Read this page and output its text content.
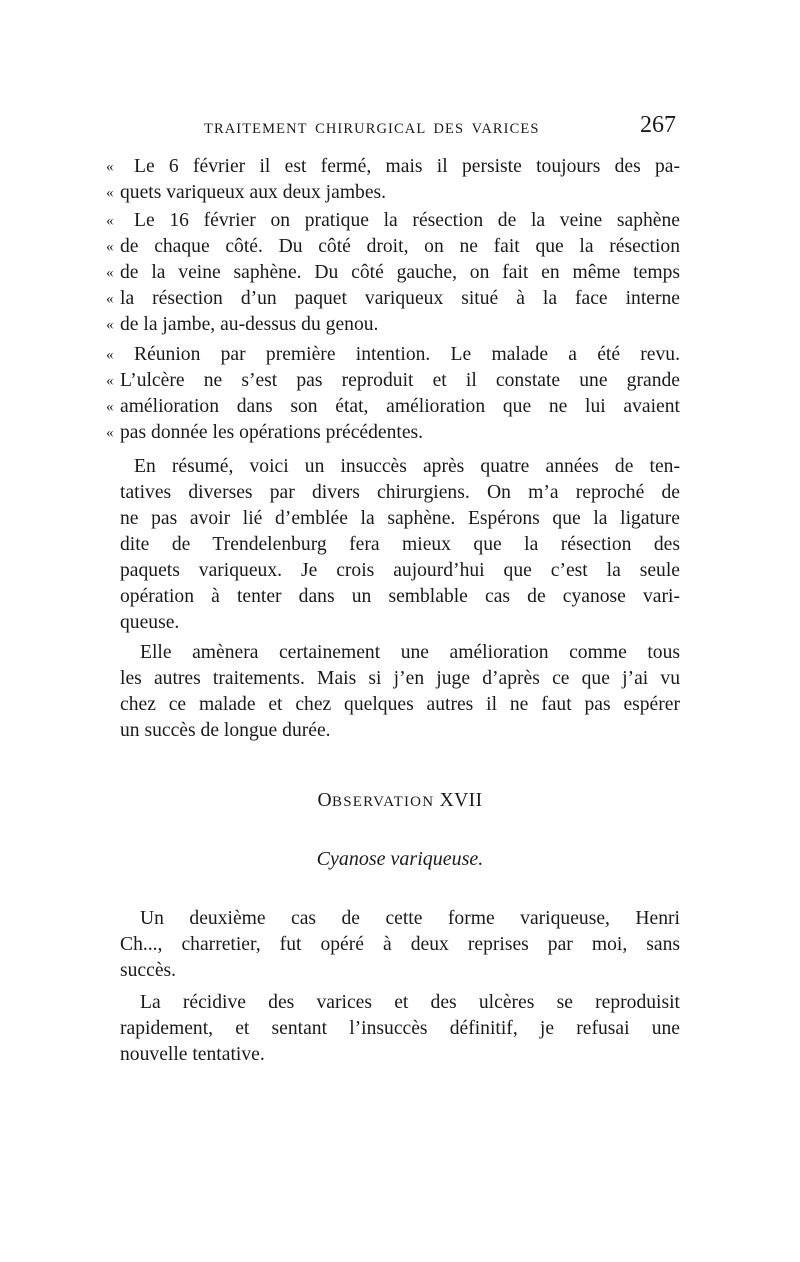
TRAITEMENT CHIRURGICAL DES VARICES	267
« Le 6 février il est fermé, mais il persiste toujours des pa-
« quets variqueux aux deux jambes.
« Le 16 février on pratique la résection de la veine saphène
« de chaque côté. Du côté droit, on ne fait que la résection
« de la veine saphène. Du côté gauche, on fait en même temps
« la résection d’un paquet variqueux situé à la face interne
« de la jambe, au-dessus du genou.
« Réunion par première intention. Le malade a été revu.
« L’ulcère ne s’est pas reproduit et il constate une grande
« amélioration dans son état, amélioration que ne lui avaient
« pas donnée les opérations précédentes.
En résumé, voici un insuccès après quatre années de ten-
tatives diverses par divers chirurgiens. On m’a reproché de
ne pas avoir lié d’emblée la saphène. Espérons que la ligature
dite de Trendelenburg fera mieux que la résection des
paquets variqueux. Je crois aujourd’hui que c’est la seule
opération à tenter dans un semblable cas de cyanose vari-
queuse.
Elle amènera certainement une amélioration comme tous
les autres traitements. Mais si j’en juge d’après ce que j’ai vu
chez ce malade et chez quelques autres il ne faut pas espérer
un succès de longue durée.
Un deuxième cas de cette forme variqueuse, Henri
Ch..., charretier, fut opéré à deux reprises par moi, sans
succès.
La récidive des varices et des ulcères se reproduisit
rapidement, et sentant l’insuccès définitif, je refusai une
nouvelle tentative.
OBSERVATION XVII
Cyanose variqueuse.
